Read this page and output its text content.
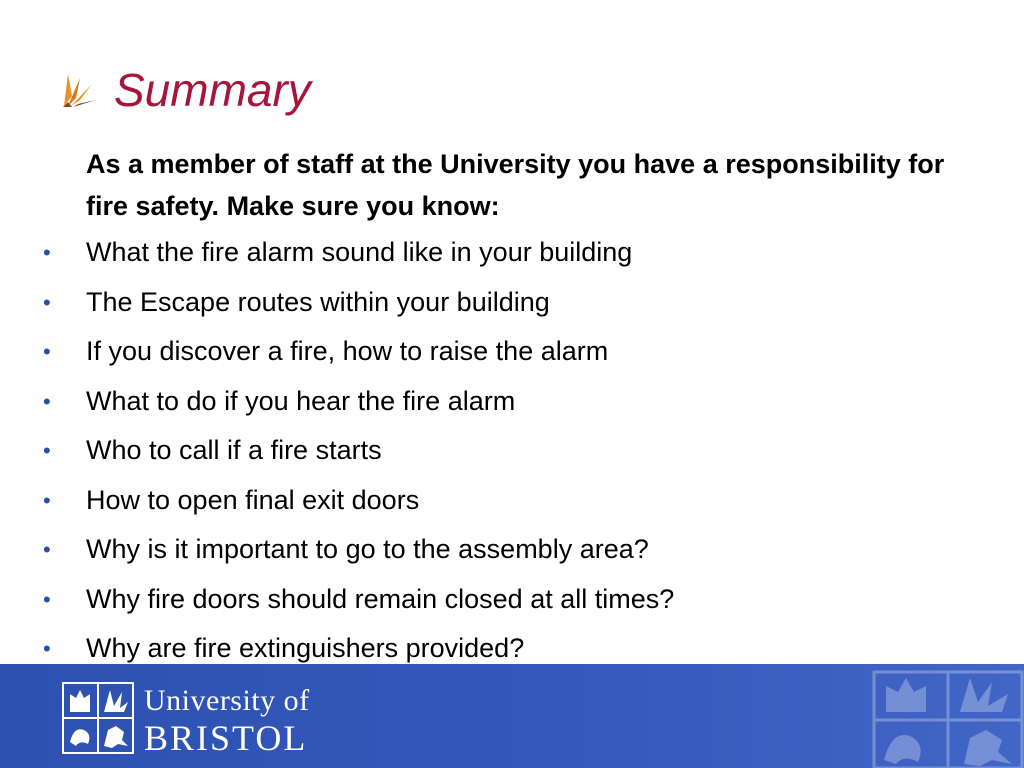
Summary
As a member of staff at the University you have a responsibility for fire safety. Make sure you know:
• What the fire alarm sound like in your building
• The Escape routes within your building
• If you discover a fire, how to raise the alarm
• What to do if you hear the fire alarm
• Who to call if a fire starts
• How to open final exit doors
• Why is it important to go to the assembly area?
• Why fire doors should remain closed at all times?
• Why are fire extinguishers provided?
University of
BRISTOL
